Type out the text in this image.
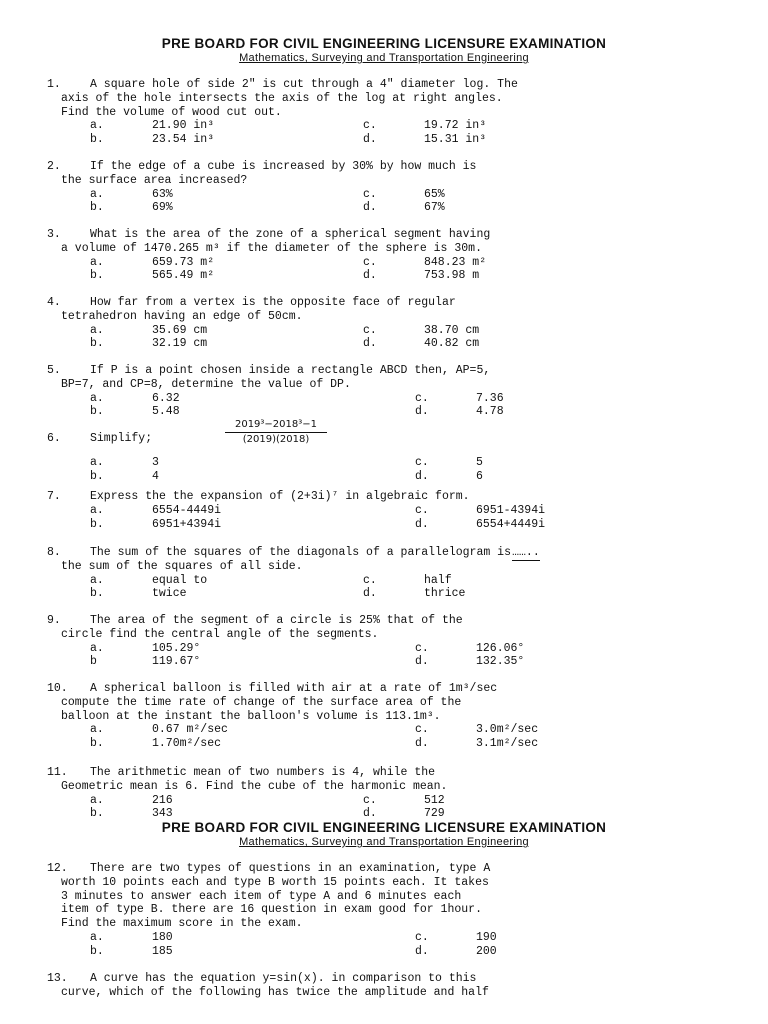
PRE BOARD FOR CIVIL ENGINEERING LICENSURE EXAMINATION
Mathematics, Surveying and Transportation Engineering
PRE BOARD FOR CIVIL ENGINEERING LICENSURE EXAMINATION
Mathematics, Surveying and Transportation Engineering
1.	A square hole of side 2" is cut through a 4" diameter log. The
axis of the hole intersects the axis of the log at right angles.
Find the volume of wood cut out.
a.	21.90 in³	c.	19.72 in³
b.	23.54 in³	d.	15.31 in³
2.	If the edge of a cube is increased by 30% by how much is
the surface area increased?
a.	63%	c.	65%
b.	69%	d.	67%
3.	What is the area of the zone of a spherical segment having
a volume of 1470.265 m³ if the diameter of the sphere is 30m.
a.	659.73 m²	c.	848.23 m²
b.	565.49 m²	d.	753.98 m
4.	How far from a vertex is the opposite face of regular
tetrahedron having an edge of 50cm.
a.	35.69 cm	c.	38.70 cm
b.	32.19 cm	d.	40.82 cm
5.	If P is a point chosen inside a rectangle ABCD then, AP=5,
BP=7, and CP=8, determine the value of DP.
a.	6.32	c.	7.36
b.	5.48	d.	4.78
6.	Simplify;	$\frac{\text{2019³−2018³−1}}{(2019)(2018)}$
a.	3	c.	5
b.	4	d.	6
7.	Express the the expansion of (2+3i)⁷ in algebraic form.
a.	6554-4449i	c.	6951-4394i
b.	6951+4394i	d.	6554+4449i
8.	The sum of the squares of the diagonals of a parallelogram is ……..
the sum of the squares of all side.
a.	equal to	c.	half
b.	twice	d.	thrice
9.	The area of the segment of a circle is 25% that of the
circle find the central angle of the segments.
a.	105.29°	c.	126.06°
b	119.67°	d.	132.35°
10. A spherical balloon is filled with air at a rate of 1m³/sec
compute the time rate of change of the surface area of the
balloon at the instant the balloon's volume is 113.1m³.
a.	0.67 m²/sec	c.	3.0m²/sec
b.	1.70m²/sec	d.	3.1m²/sec
11. The arithmetic mean of two numbers is 4, while the
Geometric mean is 6. Find the cube of the harmonic mean.
a.	216	c.	512
b.	343	d.	729
12. There are two types of questions in an examination, type A
worth 10 points each and type B worth 15 points each. It takes
3 minutes to answer each item of type A and 6 minutes each
item of type B. there are 16 question in exam good for 1hour.
Find the maximum score in the exam.
a.	180	c.	190
b.	185	d.	200
13. A curve has the equation y=sin(x). in comparison to this
curve, which of the following has twice the amplitude and half
